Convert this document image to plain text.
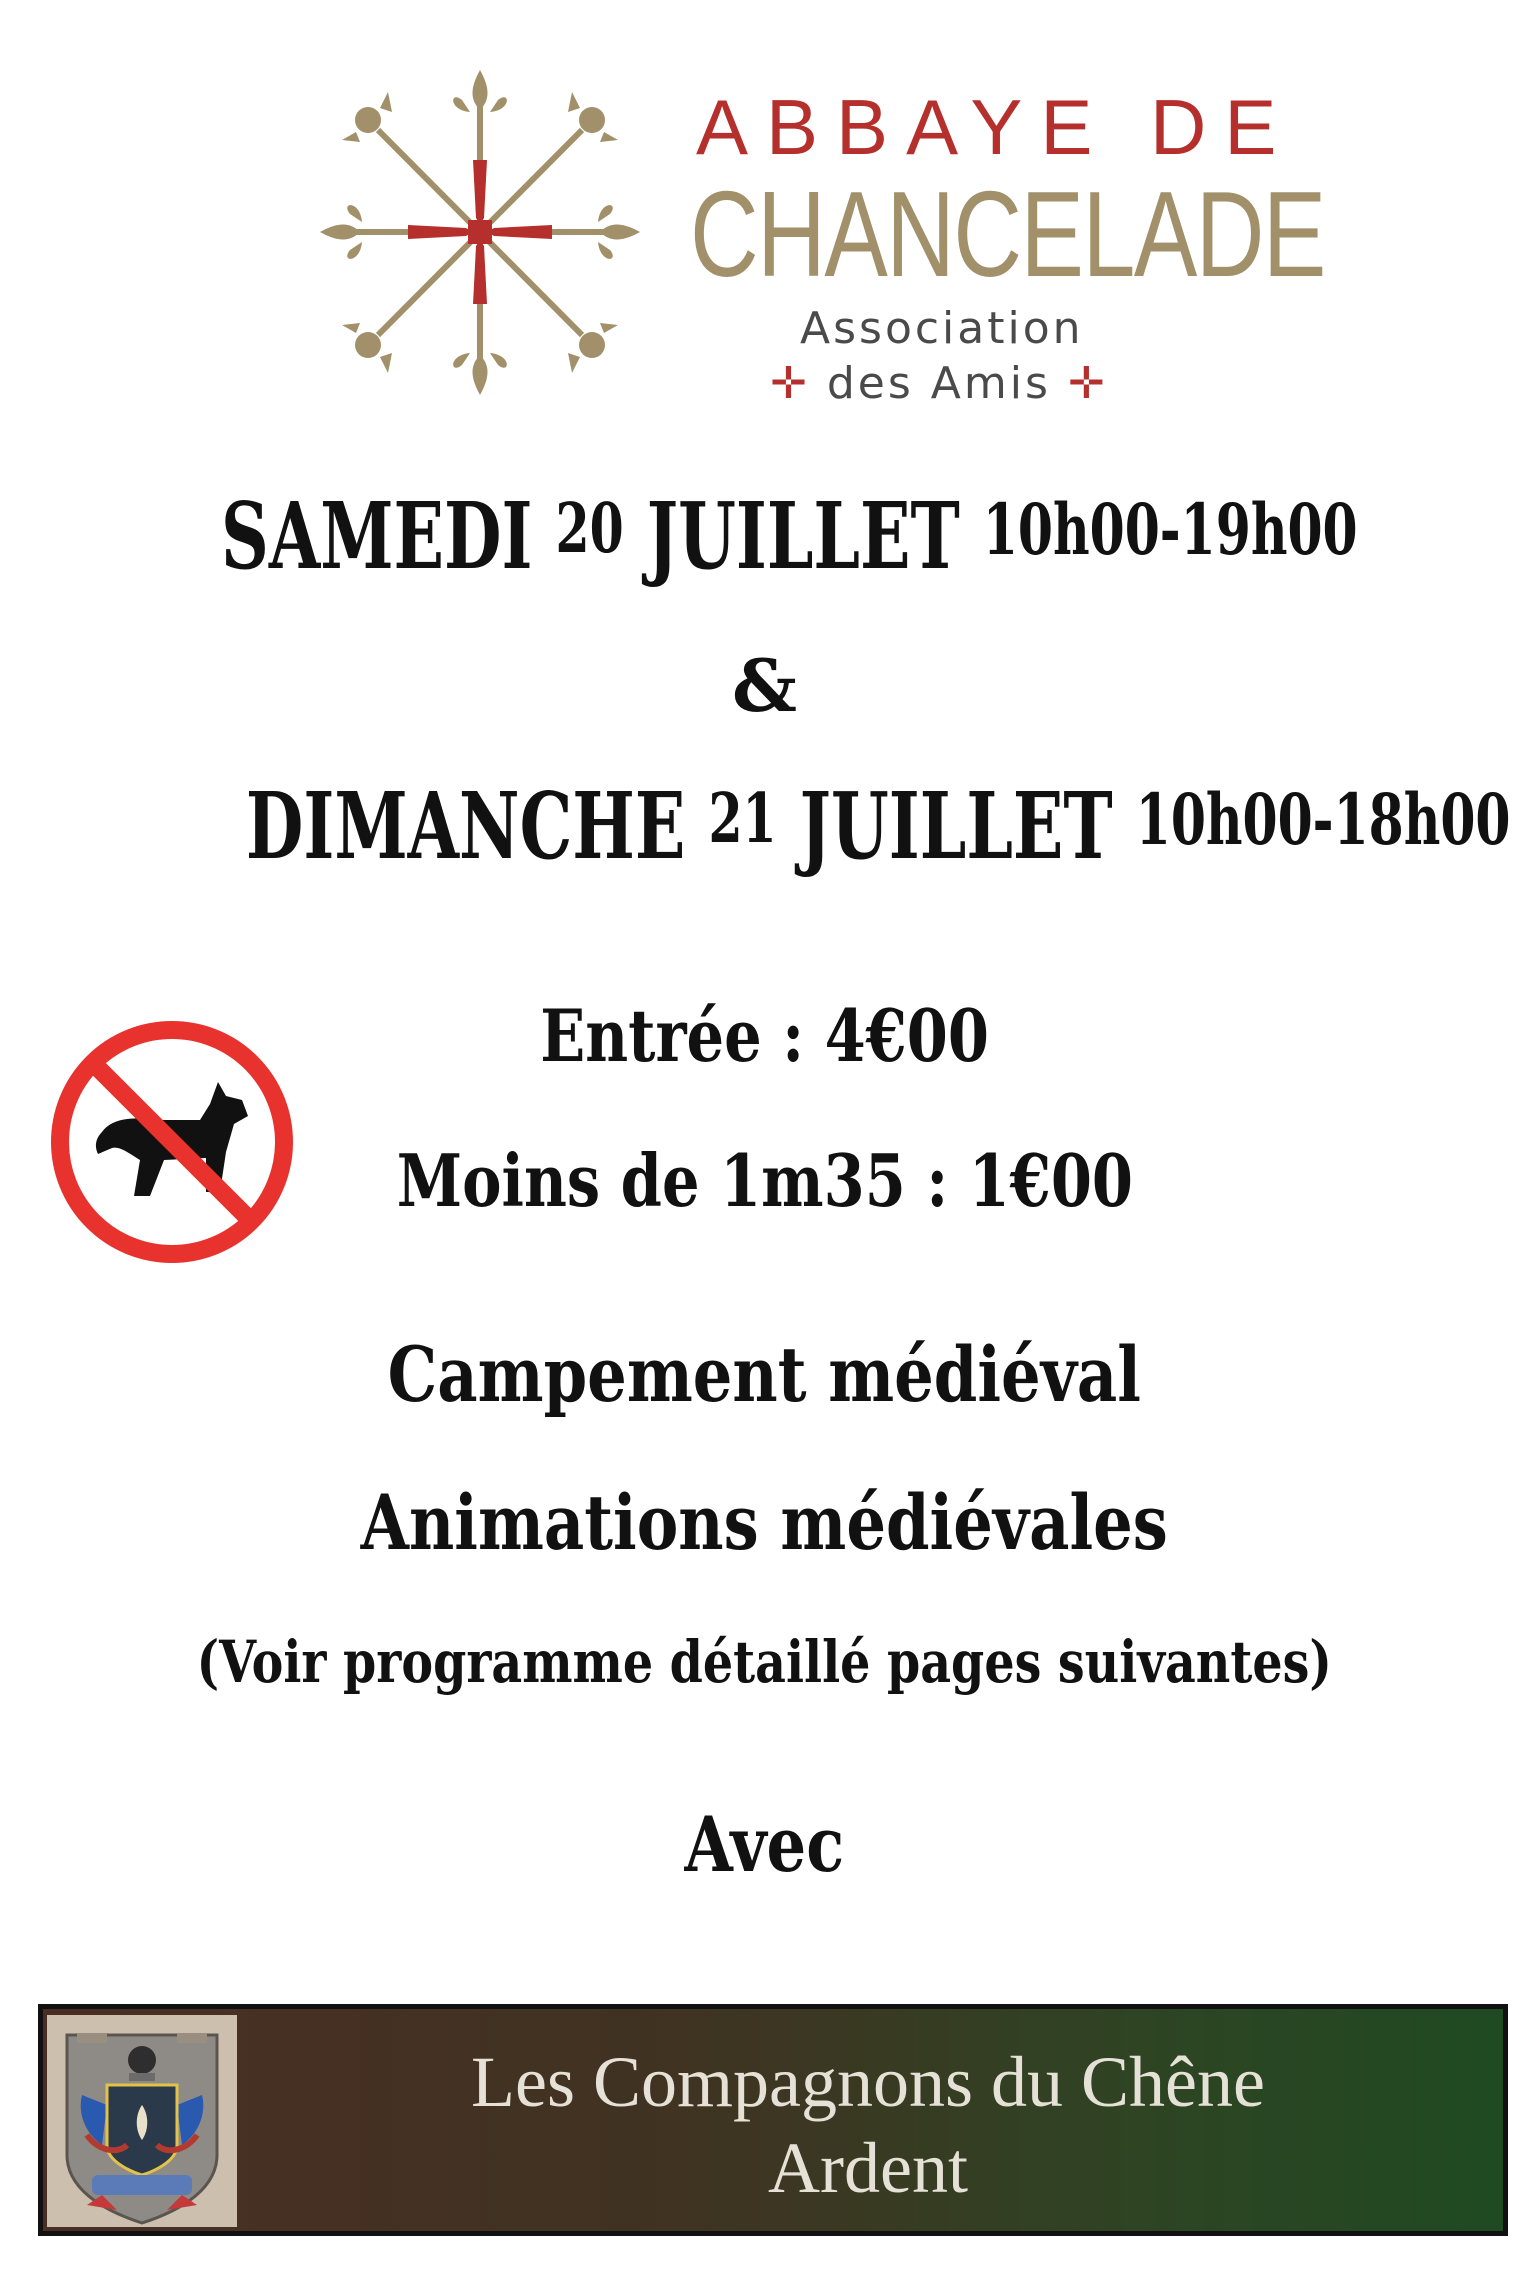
ABBAYE DE
CHANCELADE
Association
✛ des Amis ✛
SAMEDI 20 JUILLET 10h00-19h00
&
DIMANCHE 21 JUILLET 10h00-18h00
Entrée : 4€00
Moins de 1m35 : 1€00
Campement médiéval
Animations médiévales
(Voir programme détaillé pages suivantes)
Avec
Les Compagnons du Chêne
Ardent
